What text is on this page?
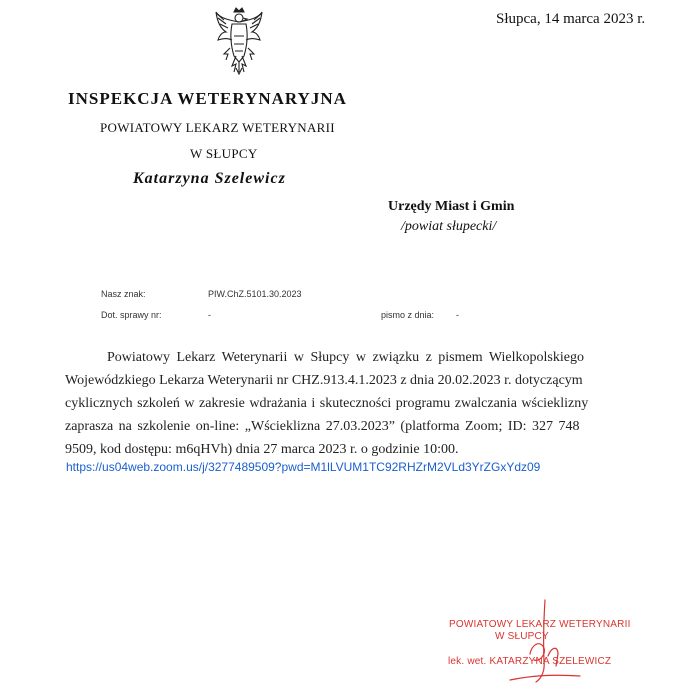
Słupca, 14 marca 2023 r.
INSPEKCJA WETERYNARYJNA
POWIATOWY LEKARZ WETERYNARII
W SŁUPCY
Katarzyna Szelewicz
Urzędy Miast i Gmin
/powiat słupecki/
Nasz znak:	PIW.ChZ.5101.30.2023
Dot. sprawy nr:	-	pismo z dnia: -
Powiatowy Lekarz Weterynarii w Słupcy w związku z pismem Wielkopolskiego
Wojewódzkiego Lekarza Weterynarii nr CHZ.913.4.1.2023 z dnia 20.02.2023 r. dotyczącym
cyklicznych szkoleń w zakresie wdrażania i skuteczności programu zwalczania wścieklizny
zaprasza na szkolenie on-line: „Wścieklizna 27.03.2023” (platforma Zoom; ID: 327 748
9509, kod dostępu: m6qHVh) dnia 27 marca 2023 r. o godzinie 10:00.
https://us04web.zoom.us/j/3277489509?pwd=M1lLVUM1TC92RHZrM2VLd3YrZGxYdz09
POWIATOWY LEKARZ WETERYNARII
W SŁUPCY
lek. wet. KATARZYNA SZELEWICZ
